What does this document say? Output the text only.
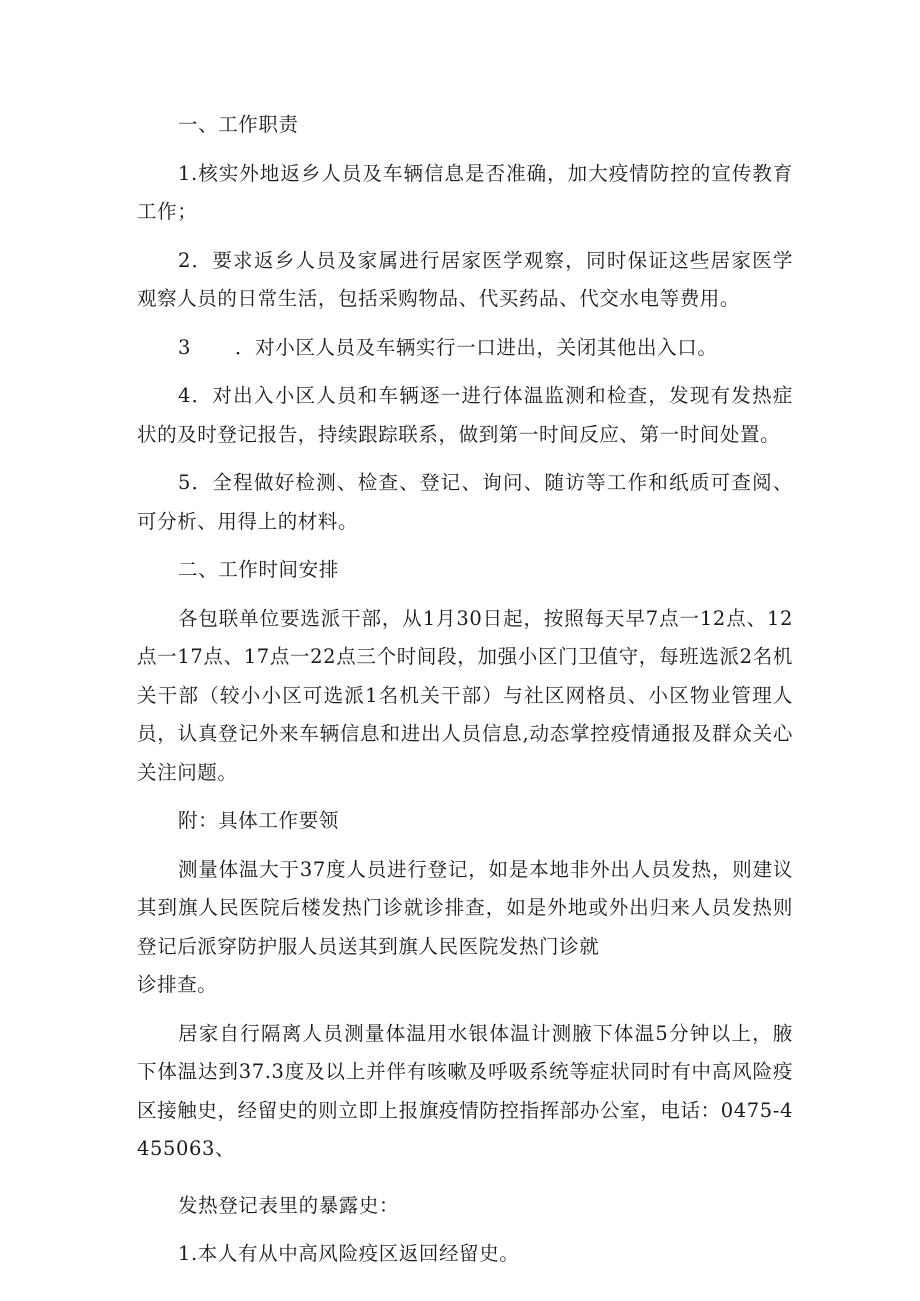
一、工作职责

1.核实外地返乡人员及车辆信息是否准确，加大疫情防控的宣传教育工作；

2．要求返乡人员及家属进行居家医学观察，同时保证这些居家医学观察人员的日常生活，包括采购物品、代买药品、代交水电等费用。

3 ．对小区人员及车辆实行一口进出，关闭其他出入口。

4．对出入小区人员和车辆逐一进行体温监测和检查，发现有发热症状的及时登记报告，持续跟踪联系，做到第一时间反应、第一时间处置。

5．全程做好检测、检查、登记、询问、随访等工作和纸质可查阅、可分析、用得上的材料。

二、工作时间安排

各包联单位要选派干部，从1月30日起，按照每天早7点一12点、12点一17点、17点一22点三个时间段，加强小区门卫值守，每班选派2名机关干部（较小小区可选派1名机关干部）与社区网格员、小区物业管理人员，认真登记外来车辆信息和进出人员信息,动态掌控疫情通报及群众关心关注问题。

附：具体工作要领

测量体温大于37度人员进行登记，如是本地非外出人员发热，则建议其到旗人民医院后楼发热门诊就诊排查，如是外地或外出归来人员发热则登记后派穿防护服人员送其到旗人民医院发热门诊就

诊排查。

居家自行隔离人员测量体温用水银体温计测腋下体温5分钟以上，腋下体温达到37.3度及以上并伴有咳嗽及呼吸系统等症状同时有中高风险疫区接触史，经留史的则立即上报旗疫情防控指挥部办公室，电话：0475-4455063、

发热登记表里的暴露史：

1.本人有从中高风险疫区返回经留史。
